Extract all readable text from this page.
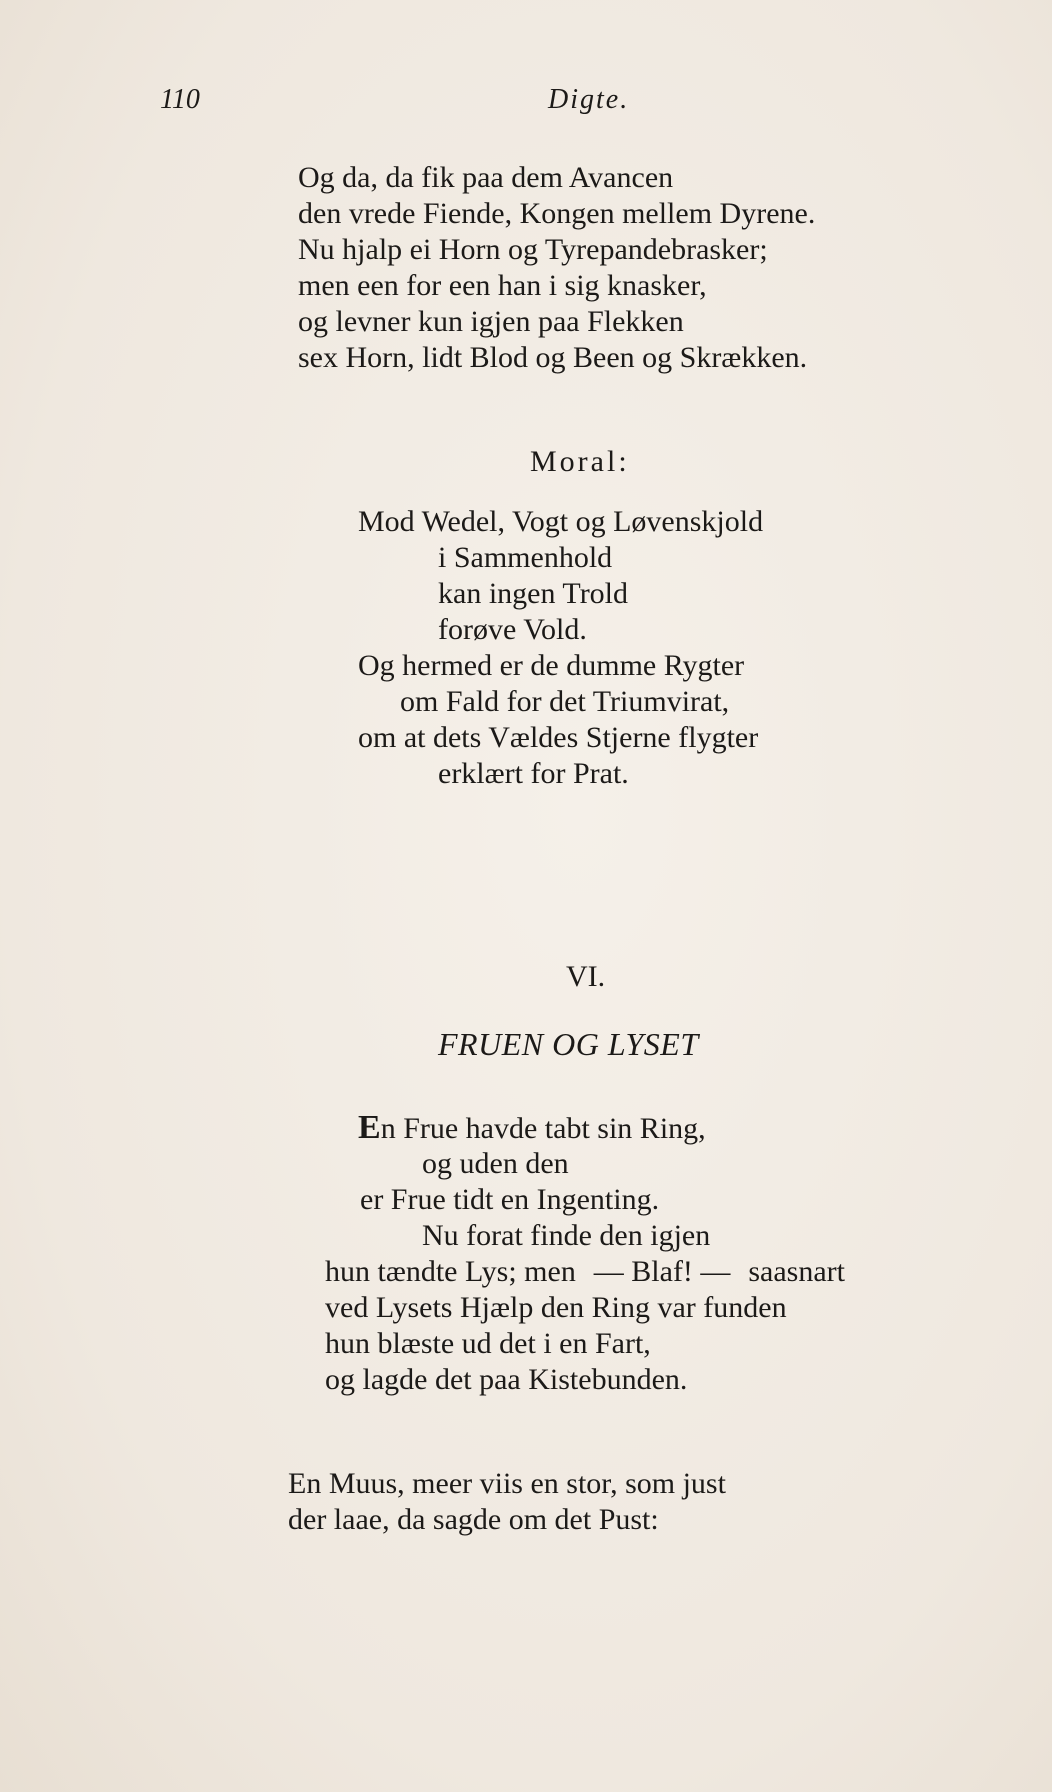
110	Digte.
Og da, da fik paa dem Avancen
den vrede Fiende, Kongen mellem Dyrene.
Nu hjalp ei Horn og Tyrepandebrasker;
men een for een han i sig knasker,
og levner kun igjen paa Flekken
sex Horn, lidt Blod og Been og Skrækken.
Moral:
Mod Wedel, Vogt og Løvenskjold
i Sammenhold
kan ingen Trold
forøve Vold.
Og hermed er de dumme Rygter
om Fald for det Triumvirat,
om at dets Vældes Stjerne flygter
erklært for Prat.
VI.
FRUEN OG LYSET
En Frue havde tabt sin Ring,
og uden den
er Frue tidt en Ingenting.
Nu forat finde den igjen
hun tændte Lys; men — Blaf! — saasnart
ved Lysets Hjælp den Ring var funden
hun blæste ud det i en Fart,
og lagde det paa Kistebunden.
En Muus, meer viis en stor, som just
der laae, da sagde om det Pust:
